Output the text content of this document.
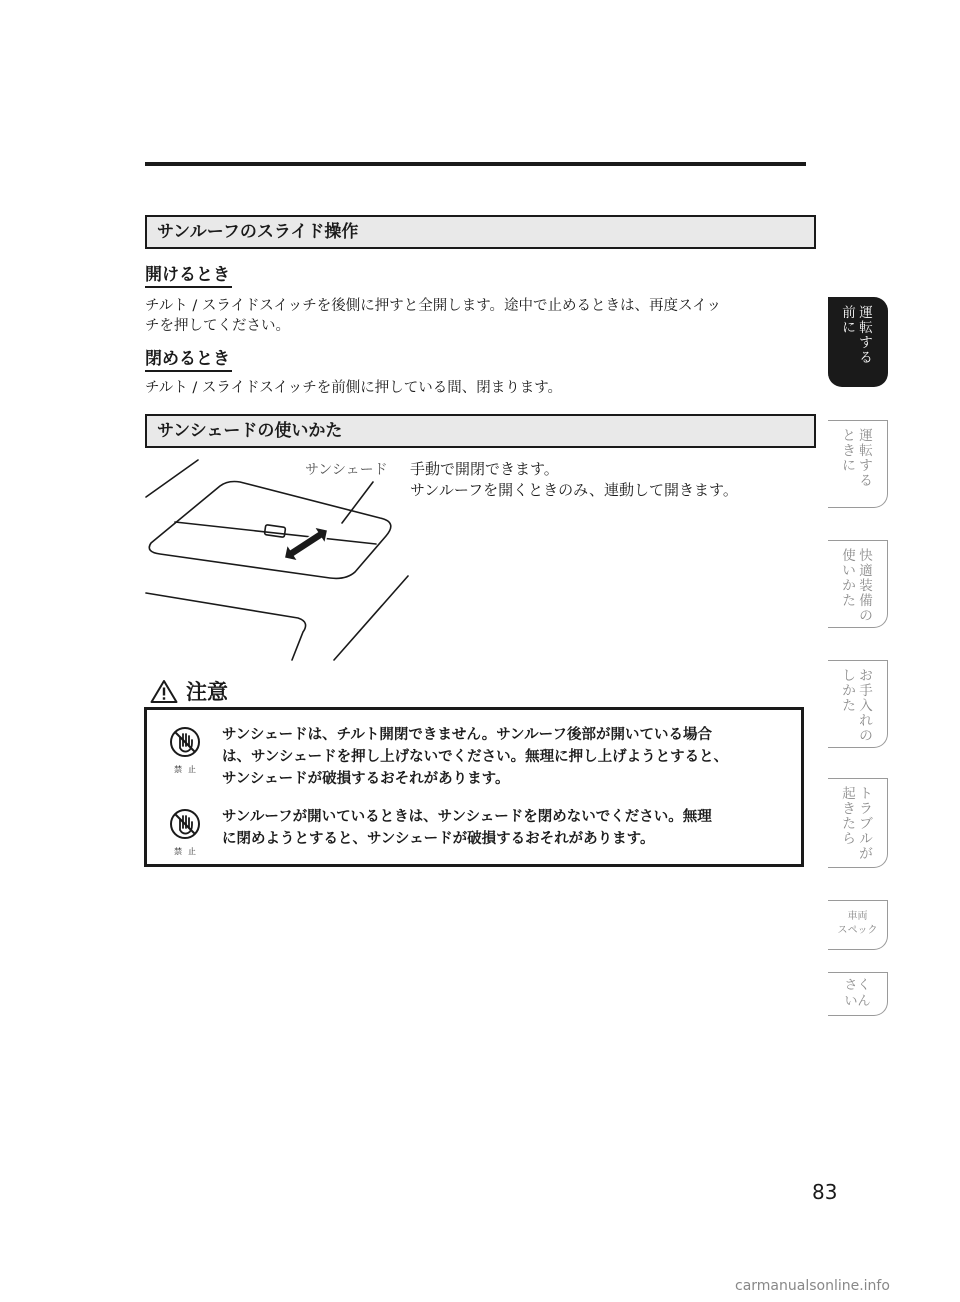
サンルーフのスライド操作
開けるとき
チルト / スライドスイッチを後側に押すと全開します。途中で止めるときは、再度スイッ
チを押してください。
閉めるとき
チルト / スライドスイッチを前側に押している間、閉まります。
サンシェードの使いかた
サンシェード 手動で開閉できます。
サンルーフを開くときのみ、連動して開きます。
注意
禁止
サンシェードは、チルト開閉できません。サンルーフ後部が開いている場合
は、サンシェードを押し上げないでください。無理に押し上げようとすると、
サンシェードが破損するおそれがあります。
禁止
サンルーフが開いているときは、サンシェードを閉めないでください。無理
に閉めようとすると、サンシェードが破損するおそれがあります。
運
転
す
る
前
に
運
転
す
る
と
き
に
快
適
装
備
の
使
い
か
た
お
手
入
れ
の
し
か
た
ト
ラ
ブ
ル
が
起
き
た
ら
車両
スペック
さく
いん
83
carmanualsonline.info
